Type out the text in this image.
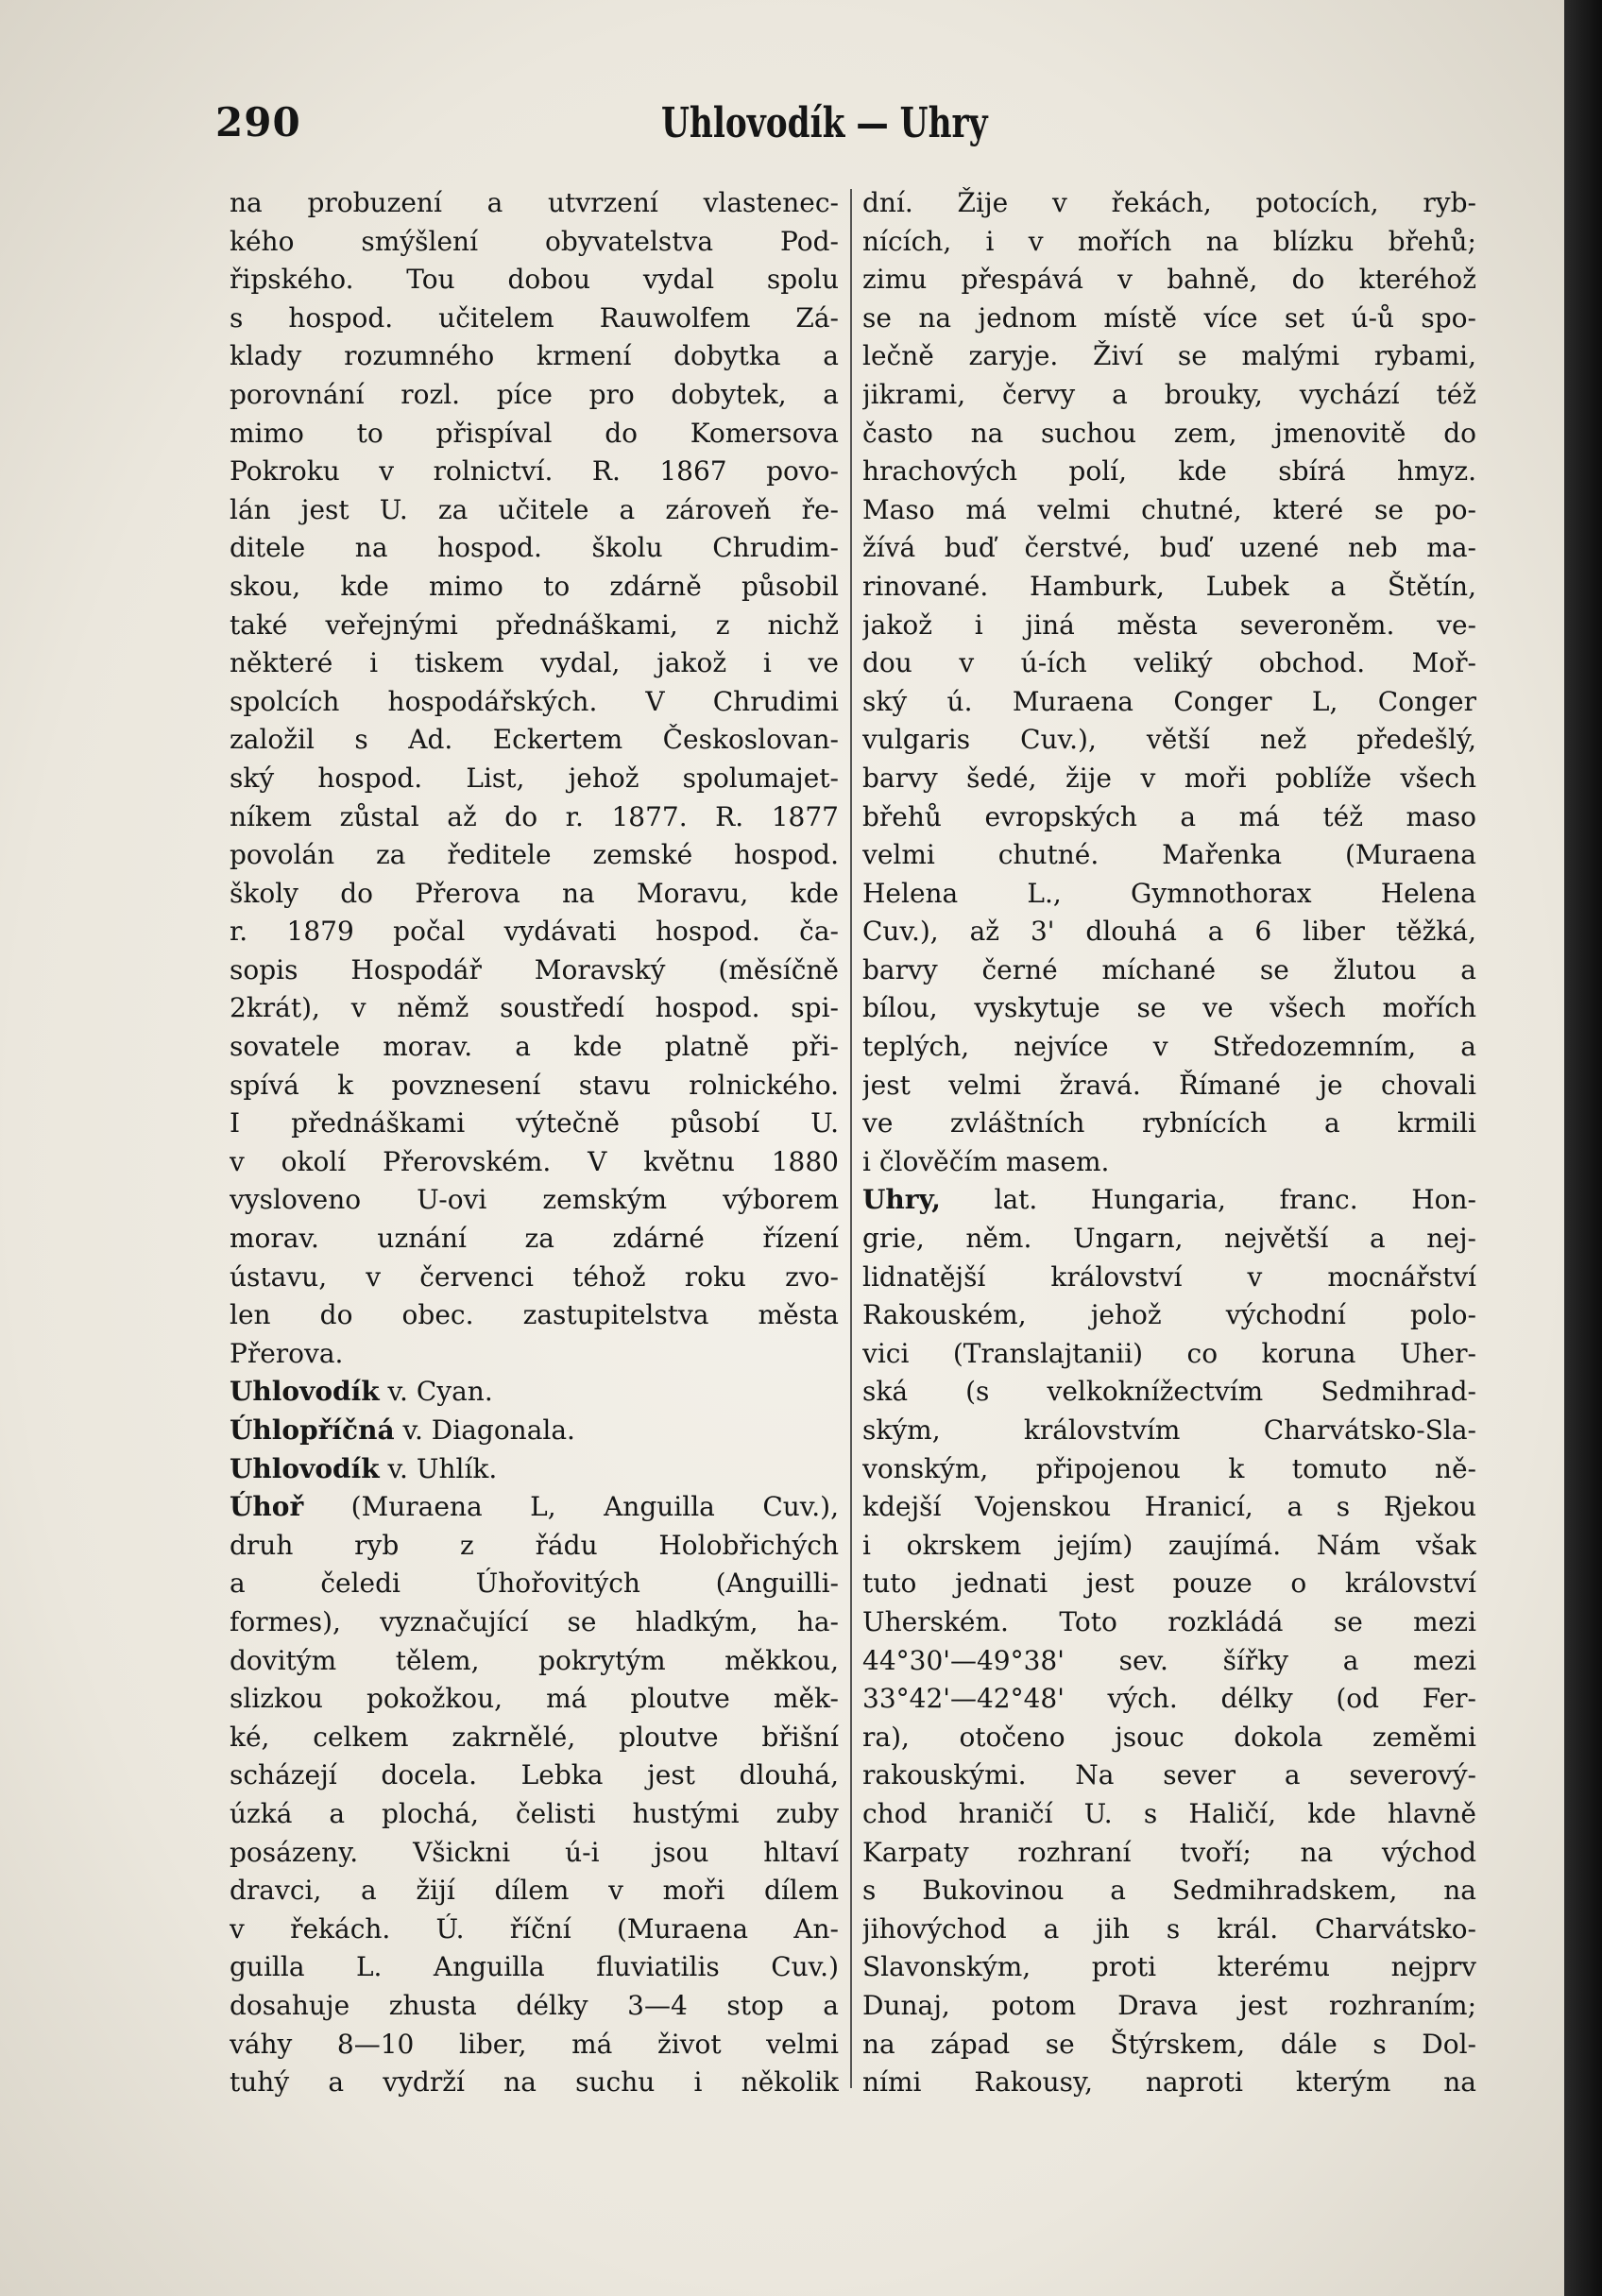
290	Uhlovodík — Uhry
na probuzení a utvrzení vlastenec-
kého smýšlení obyvatelstva Pod-
řipského. Tou dobou vydal spolu
s hospod. učitelem Rauwolfem Zá-
klady rozumného krmení dobytka a
porovnání rozl. píce pro dobytek, a
mimo to přispíval do Komersova
Pokroku v rolnictví. R. 1867 povo-
lán jest U. za učitele a zároveň ře-
ditele na hospod. školu Chrudim-
skou, kde mimo to zdárně působil
také veřejnými přednáškami, z nichž
některé i tiskem vydal, jakož i ve
spolcích hospodářských. V Chrudimi
založil s Ad. Eckertem Českoslovan-
ský hospod. List, jehož spolumajet-
níkem zůstal až do r. 1877. R. 1877
povolán za ředitele zemské hospod.
školy do Přerova na Moravu, kde
r. 1879 počal vydávati hospod. ča-
sopis Hospodář Moravský (měsíčně
2krát), v němž soustředí hospod. spi-
sovatele morav. a kde platně při-
spívá k povznesení stavu rolnického.
I přednáškami výtečně působí U.
v okolí Přerovském. V květnu 1880
vysloveno U-ovi zemským výborem
morav. uznání za zdárné řízení
ústavu, v červenci téhož roku zvo-
len do obec. zastupitelstva města
Přerova.
Uhlovodík v. Cyan.
Úhlopříčná v. Diagonala.
Uhlovodík v. Uhlík.
Úhoř (Muraena L, Anguilla Cuv.),
druh ryb z řádu Holobřichých
a čeledi Úhořovitých (Anguilli-
formes), vyznačující se hladkým, ha-
dovitým tělem, pokrytým měkkou,
slizkou pokožkou, má ploutve měk-
ké, celkem zakrnělé, ploutve břišní
scházejí docela. Lebka jest dlouhá,
úzká a plochá, čelisti hustými zuby
posázeny. Všickni ú-i jsou hltaví
dravci, a žijí dílem v moři dílem
v řekách. Ú. říční (Muraena An-
guilla L. Anguilla fluviatilis Cuv.)
dosahuje zhusta délky 3—4 stop a
váhy 8—10 liber, má život velmi
tuhý a vydrží na suchu i několik
dní. Žije v řekách, potocích, ryb-
nících, i v mořích na blízku břehů;
zimu přespává v bahně, do kteréhož
se na jednom místě více set ú-ů spo-
lečně zaryje. Živí se malými rybami,
jikrami, červy a brouky, vychází též
často na suchou zem, jmenovitě do
hrachových polí, kde sbírá hmyz.
Maso má velmi chutné, které se po-
žívá buď čerstvé, buď uzené neb ma-
rinované. Hamburk, Lubek a Štětín,
jakož i jiná města severoněm. ve-
dou v ú-ích veliký obchod. Moř-
ský ú. Muraena Conger L, Conger
vulgaris Cuv.), větší než předešlý,
barvy šedé, žije v moři poblíže všech
břehů evropských a má též maso
velmi chutné. Mařenka (Muraena
Helena L., Gymnothorax Helena
Cuv.), až 3' dlouhá a 6 liber těžká,
barvy černé míchané se žlutou a
bílou, vyskytuje se ve všech mořích
teplých, nejvíce v Středozemním, a
jest velmi žravá. Římané je chovali
ve zvláštních rybnících a krmili
i člověčím masem.
Uhry, lat. Hungaria, franc. Hon-
grie, něm. Ungarn, největší a nej-
lidnatější království v mocnářství
Rakouském, jehož východní polo-
vici (Translajtanii) co koruna Uher-
ská (s velkoknížectvím Sedmihrad-
ským, královstvím Charvátsko-Sla-
vonským, připojenou k tomuto ně-
kdejší Vojenskou Hranicí, a s Rjekou
i okrskem jejím) zaujímá. Nám však
tuto jednati jest pouze o království
Uherském. Toto rozkládá se mezi
44°30'—49°38' sev. šířky a mezi
33°42'—42°48' vých. délky (od Fer-
ra), otočeno jsouc dokola zeměmi
rakouskými. Na sever a severový-
chod hraničí U. s Haličí, kde hlavně
Karpaty rozhraní tvoří; na východ
s Bukovinou a Sedmihradskem, na
jihovýchod a jih s král. Charvátsko-
Slavonským, proti kterému nejprv
Dunaj, potom Drava jest rozhraním;
na západ se Štýrskem, dále s Dol-
ními Rakousy, naproti kterým na
